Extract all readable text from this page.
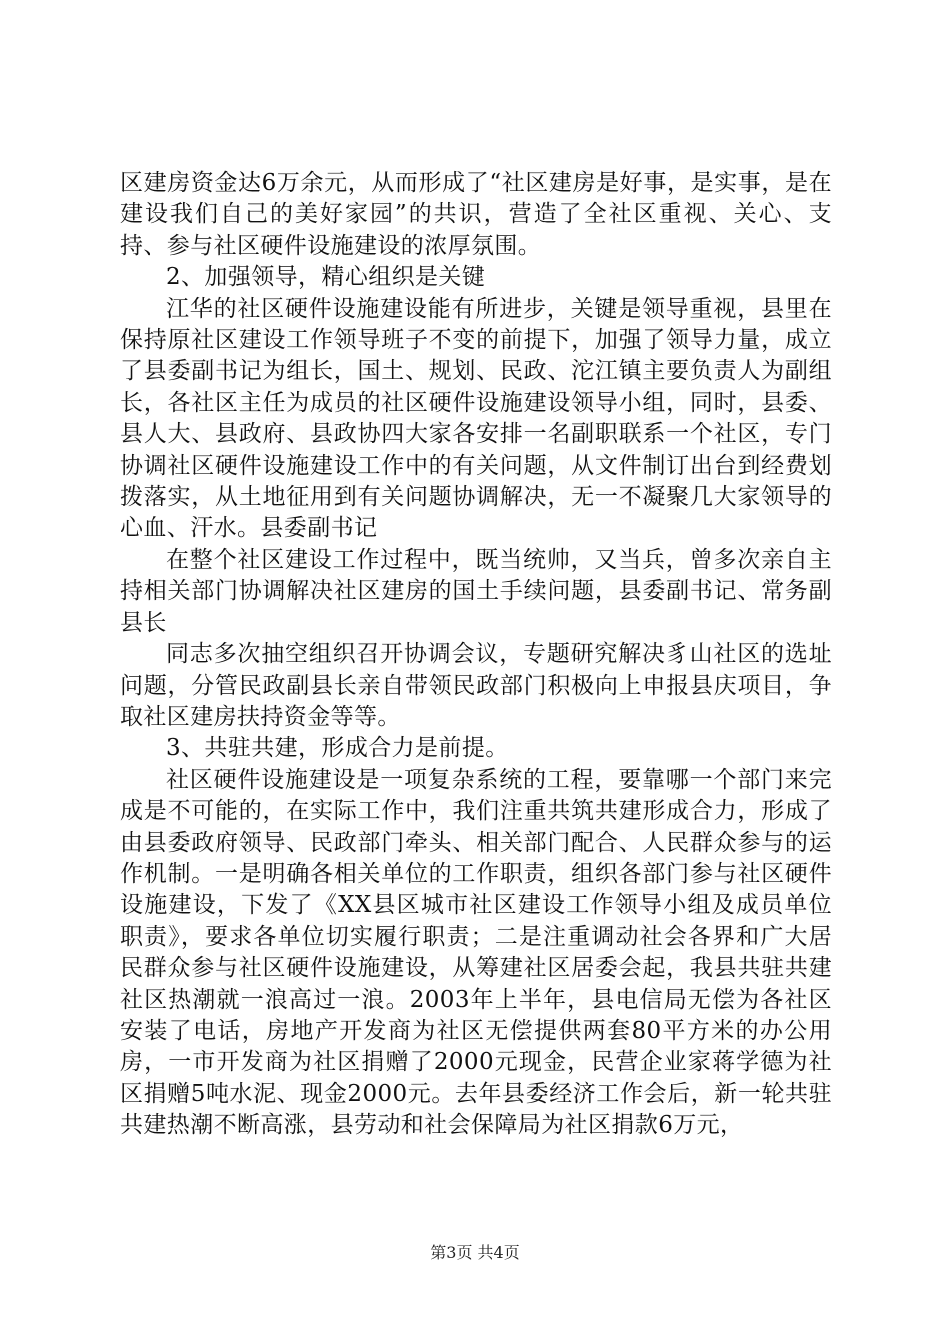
区建房资金达6万余元，从而形成了“社区建房是好事，是实事，是在建设我们自己的美好家园”的共识，营造了全社区重视、关心、支持、参与社区硬件设施建设的浓厚氛围。

2、加强领导，精心组织是关键

江华的社区硬件设施建设能有所进步，关键是领导重视，县里在保持原社区建设工作领导班子不变的前提下，加强了领导力量，成立了县委副书记为组长，国土、规划、民政、沱江镇主要负责人为副组长，各社区主任为成员的社区硬件设施建设领导小组，同时，县委、县人大、县政府、县政协四大家各安排一名副职联系一个社区，专门协调社区硬件设施建设工作中的有关问题，从文件制订出台到经费划拨落实，从土地征用到有关问题协调解决，无一不凝聚几大家领导的心血、汗水。县委副书记

在整个社区建设工作过程中，既当统帅，又当兵，曾多次亲自主持相关部门协调解决社区建房的国土手续问题，县委副书记、常务副县长

同志多次抽空组织召开协调会议，专题研究解决豸山社区的选址问题，分管民政副县长亲自带领民政部门积极向上申报县庆项目，争取社区建房扶持资金等等。

3、共驻共建，形成合力是前提。

社区硬件设施建设是一项复杂系统的工程，要靠哪一个部门来完成是不可能的，在实际工作中，我们注重共筑共建形成合力，形成了由县委政府领导、民政部门牵头、相关部门配合、人民群众参与的运作机制。一是明确各相关单位的工作职责，组织各部门参与社区硬件设施建设，下发了《XX县区城市社区建设工作领导小组及成员单位职责》，要求各单位切实履行职责；二是注重调动社会各界和广大居民群众参与社区硬件设施建设，从筹建社区居委会起，我县共驻共建社区热潮就一浪高过一浪。2003年上半年，县电信局无偿为各社区安装了电话，房地产开发商为社区无偿提供两套80平方米的办公用房，一市开发商为社区捐赠了2000元现金，民营企业家蒋学德为社区捐赠5吨水泥、现金2000元。去年县委经济工作会后，新一轮共驻共建热潮不断高涨，县劳动和社会保障局为社区捐款6万元，

第3页 共4页
